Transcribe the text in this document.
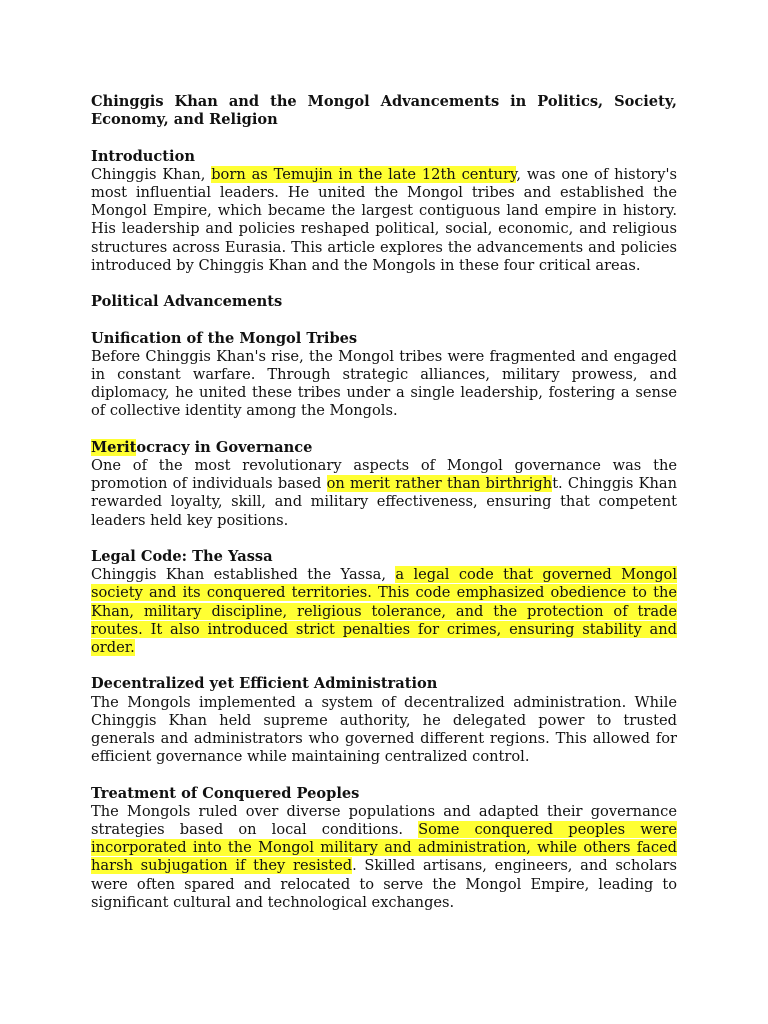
Chinggis Khan and the Mongol Advancements in Politics, Society, Economy, and Religion

Introduction

Chinggis Khan, born as Temujin in the late 12th century, was one of history's most influential leaders. He united the Mongol tribes and established the Mongol Empire, which became the largest contiguous land empire in history. His leadership and policies reshaped political, social, economic, and religious structures across Eurasia. This article explores the advancements and policies introduced by Chinggis Khan and the Mongols in these four critical areas.

Political Advancements

Unification of the Mongol Tribes

Before Chinggis Khan's rise, the Mongol tribes were fragmented and engaged in constant warfare. Through strategic alliances, military prowess, and diplomacy, he united these tribes under a single leadership, fostering a sense of collective identity among the Mongols.

Meritocracy in Governance

One of the most revolutionary aspects of Mongol governance was the promotion of individuals based on merit rather than birthright. Chinggis Khan rewarded loyalty, skill, and military effectiveness, ensuring that competent leaders held key positions.

Legal Code: The Yassa

Chinggis Khan established the Yassa, a legal code that governed Mongol society and its conquered territories. This code emphasized obedience to the Khan, military discipline, religious tolerance, and the protection of trade routes. It also introduced strict penalties for crimes, ensuring stability and order.

Decentralized yet Efficient Administration

The Mongols implemented a system of decentralized administration. While Chinggis Khan held supreme authority, he delegated power to trusted generals and administrators who governed different regions. This allowed for efficient governance while maintaining centralized control.

Treatment of Conquered Peoples

The Mongols ruled over diverse populations and adapted their governance strategies based on local conditions. Some conquered peoples were incorporated into the Mongol military and administration, while others faced harsh subjugation if they resisted. Skilled artisans, engineers, and scholars were often spared and relocated to serve the Mongol Empire, leading to significant cultural and technological exchanges.
